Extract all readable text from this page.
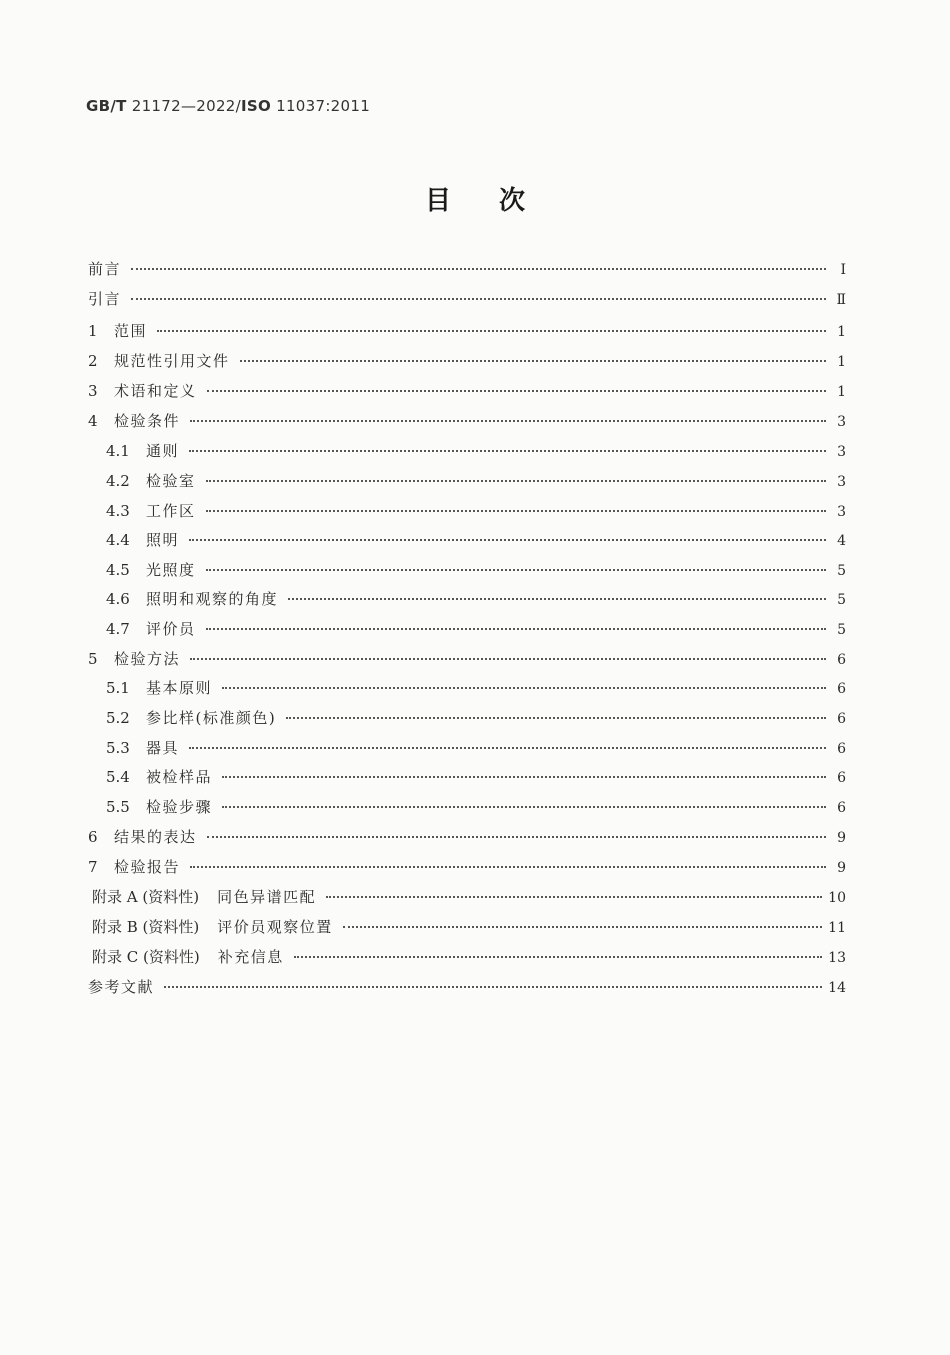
GB/T 21172—2022/ISO 11037:2011
目次
前言	Ⅰ
引言	Ⅱ
1	范围	1
2	规范性引用文件	1
3	术语和定义	1
4	检验条件	3
4.1	通则	3
4.2	检验室	3
4.3	工作区	3
4.4	照明	4
4.5	光照度	5
4.6	照明和观察的角度	5
4.7	评价员	5
5	检验方法	6
5.1	基本原则	6
5.2	参比样(标准颜色)	6
5.3	器具	6
5.4	被检样品	6
5.5	检验步骤	6
6	结果的表达	9
7	检验报告	9
附录 A (资料性) 同色异谱匹配	10
附录 B (资料性) 评价员观察位置	11
附录 C (资料性) 补充信息	13
参考文献	14
